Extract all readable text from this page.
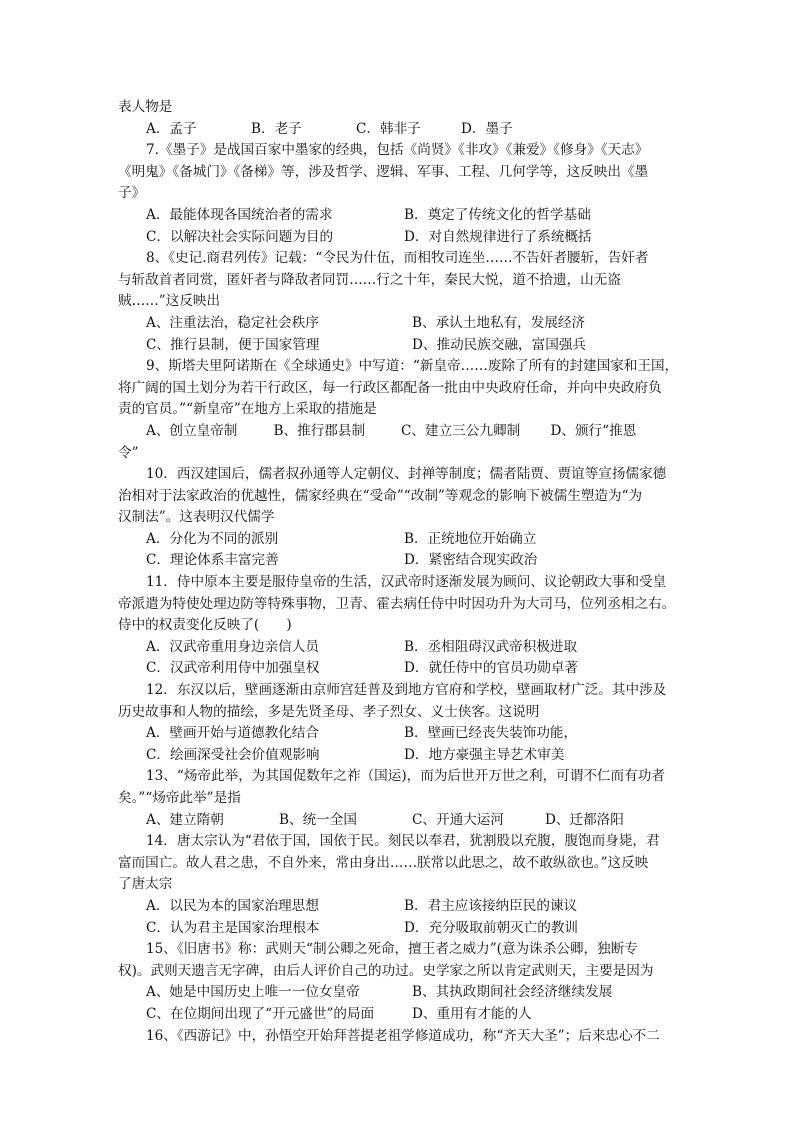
表人物是
A．孟子	B．老子	C．韩非子	D．墨子
7.《墨子》是战国百家中墨家的经典，包括《尚贤》《非攻》《兼爱》《修身》《天志》
《明鬼》《备城门》《备梯》等，涉及哲学、逻辑、军事、工程、几何学等，这反映出《墨
子》
A．最能体现各国统治者的需求	B．奠定了传统文化的哲学基础
C．以解决社会实际问题为目的	D．对自然规律进行了系统概括
8、《史记.商君列传》记载：“令民为什伍，而相牧司连坐……不告奸者腰斩，告奸者
与斩敌首者同赏，匿奸者与降敌者同罚……行之十年，秦民大悦，道不拾遗，山无盗
贼……”这反映出
A、注重法治，稳定社会秩序	B、承认土地私有，发展经济
C、推行县制，便于国家管理	D、推动民族交融，富国强兵
9、斯塔夫里阿诺斯在《全球通史》中写道：“新皇帝……废除了所有的封建国家和王国，
将广阔的国土划分为若干行政区，每一行政区都配备一批由中央政府任命，并向中央政府负
责的官员。”“新皇帝”在地方上采取的措施是
A、创立皇帝制	B、推行郡县制	C、建立三公九卿制	D、颁行“推恩
令”
10．西汉建国后，儒者叔孙通等人定朝仪、封禅等制度；儒者陆贾、贾谊等宣扬儒家德
治相对于法家政治的优越性，儒家经典在“受命”“改制”等观念的影响下被儒生塑造为“为
汉制法”。这表明汉代儒学
A．分化为不同的派别	B．正统地位开始确立
C．理论体系丰富完善	D．紧密结合现实政治
11．侍中原本主要是服侍皇帝的生活，汉武帝时逐渐发展为顾问、议论朝政大事和受皇
帝派遣为特使处理边防等特殊事物，卫青、霍去病任侍中时因功升为大司马，位列丞相之右。
侍中的权责变化反映了(　　)
A．汉武帝重用身边亲信人员	B．丞相阻碍汉武帝积极进取
C．汉武帝利用侍中加强皇权	D．就任侍中的官员功勋卓著
12．东汉以后，壁画逐渐由京师宫廷普及到地方官府和学校，壁画取材广泛。其中涉及
历史故事和人物的描绘，多是先贤圣母、孝子烈女、义士侠客。这说明
A．壁画开始与道德教化结合	B．壁画已经丧失装饰功能，
C．绘画深受社会价值观影响	D．地方豪强主导艺术审美
13、“炀帝此举，为其国促数年之祚（国运)，而为后世开万世之利，可谓不仁而有功者
矣。”“炀帝此举”是指
A、建立隋朝	B、统一全国	C、开通大运河	D、迁都洛阳
14．唐太宗认为“君依于国，国依于民。刻民以奉君，犹割股以充腹，腹饱而身毙，君
富而国亡。故人君之患，不自外来，常由身出……朕常以此思之，故不敢纵欲也。”这反映
了唐太宗
A．以民为本的国家治理思想	B．君主应该接纳臣民的谏议
C．认为君主是国家治理根本	D．充分吸取前朝灭亡的教训
15、《旧唐书》称：武则天“制公卿之死命，擅王者之威力”(意为诛杀公卿，独断专
权)。武则天遗言无字碑，由后人评价自己的功过。史学家之所以肯定武则天，主要是因为
A、她是中国历史上唯一一位女皇帝	B、其执政期间社会经济继续发展
C、在位期间出现了“开元盛世”的局面	D、重用有才能的人
16、《西游记》中，孙悟空开始拜菩提老祖学修道成功，称“齐天大圣”；后来忠心不二
